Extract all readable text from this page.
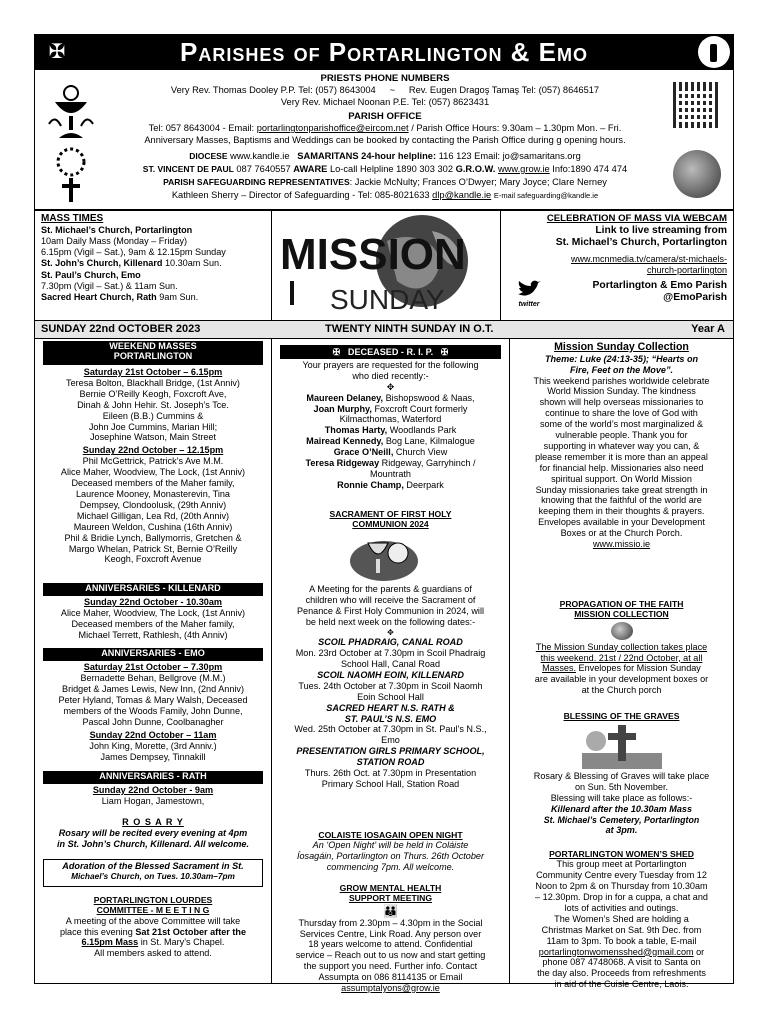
✠	Parishes of Portarlington & Emo
PRIESTS PHONE NUMBERS
Very Rev. Thomas Dooley P.P. Tel: (057) 8643004 ~ Rev. Eugen Dragoş Tamaş Tel: (057) 8646517
Very Rev. Michael Noonan P.E. Tel: (057) 8623431
PARISH OFFICE
Tel: 057 8643004 - Email: portarlingtonparishoffice@eircom.net / Parish Office Hours: 9.30am – 1.30pm Mon. – Fri.
Anniversary Masses, Baptisms and Weddings can be booked by contacting the Parish Office during g opening hours.
DIOCESE www.kandle.ie SAMARITANS 24-hour helpline: 116 123 Email: jo@samaritans.org
ST. VINCENT DE PAUL 087 7640557 AWARE Lo-call Helpline 1890 303 302 G.R.O.W. www.grow.ie Info:1890 474 474
PARISH SAFEGUARDING REPRESENTATIVES: Jackie McNulty; Frances O’Dwyer; Mary Joyce; Clare Nerney
Kathleen Sherry – Director of Safeguarding - Tel: 085-8021633 dlp@kandle.ie E-mail safeguarding@kandle.ie
MASS TIMES
St. Michael’s Church, Portarlington
10am Daily Mass (Monday – Friday)
6.15pm (Vigil – Sat.), 9am & 12.15pm Sunday
St. John’s Church, Killenard 10.30am Sun.
St. Paul’s Church, Emo
7.30pm (Vigil – Sat.) & 11am Sun.
Sacred Heart Church, Rath 9am Sun.
MISSION
SUNDAY
CELEBRATION OF MASS VIA WEBCAM
Link to live streaming from
St. Michael’s Church, Portarlington
www.mcnmedia.tv/camera/st-michaels-
church-portarlington
twitter
Portarlington & Emo Parish
@EmoParish
SUNDAY 22nd OCTOBER 2023	TWENTY NINTH SUNDAY IN O.T.	Year A
WEEKEND MASSES
PORTARLINGTON
Saturday 21st October – 6.15pm
Teresa Bolton, Blackhall Bridge, (1st Anniv)
Bernie O’Reilly Keogh, Foxcroft Ave,
Dinah & John Hehir. St. Joseph’s Tce.
Eileen (B.B.) Cummins &
John Joe Cummins, Marian Hill;
Josephine Watson, Main Street
Sunday 22nd October – 12.15pm
Phil McGettrick, Patrick’s Ave M.M.
Alice Maher, Woodview, The Lock, (1st Anniv)
Deceased members of the Maher family,
Laurence Mooney, Monasterevin, Tina
Dempsey, Clondoolusk, (29th Anniv)
Michael Gilligan, Lea Rd, (20th Anniv)
Maureen Weldon, Cushina (16th Anniv)
Phil & Bridie Lynch, Ballymorris, Gretchen &
Margo Whelan, Patrick St, Bernie O’Reilly
Keogh, Foxcroft Avenue
ANNIVERSARIES - KILLENARD
Sunday 22nd October - 10.30am
Alice Maher, Woodview, The Lock, (1st Anniv)
Deceased members of the Maher family,
Michael Terrett, Rathlesh, (4th Anniv)
ANNIVERSARIES - EMO
Saturday 21st October – 7.30pm
Bernadette Behan, Bellgrove (M.M.)
Bridget & James Lewis, New Inn, (2nd Anniv)
Peter Hyland, Tomas & Mary Walsh, Deceased
members of the Woods Family, John Dunne,
Pascal John Dunne, Coolbanagher
Sunday 22nd October – 11am
John King, Morette, (3rd Anniv.)
James Dempsey, Tinnakill
ANNIVERSARIES - RATH
Sunday 22nd October - 9am
Liam Hogan, Jamestown,
R O S A R Y
Rosary will be recited every evening at 4pm
in St. John’s Church, Killenard. All welcome.
Adoration of the Blessed Sacrament in St.
Michael’s Church, on Tues. 10.30am–7pm
PORTARLINGTON LOURDES
COMMITTEE - M E E T I N G
A meeting of the above Committee will take
place this evening Sat 21st October after the
6.15pm Mass in St. Mary’s Chapel.
All members asked to attend.
✠ DECEASED - R. I. P. ✠
Your prayers are requested for the following
who died recently:-
✥
Maureen Delaney, Bishopswood & Naas,
Joan Murphy, Foxcroft Court formerly
Kilmacthomas, Waterford
Thomas Harty, Woodlands Park
Mairead Kennedy, Bog Lane, Kilmalogue
Grace O’Neill, Church View
Teresa Ridgeway Ridgeway, Garryhinch /
Mountrath
Ronnie Champ, Deerpark
SACRAMENT OF FIRST HOLY
COMMUNION 2024
A Meeting for the parents & guardians of
children who will receive the Sacrament of
Penance & First Holy Communion in 2024, will
be held next week on the following dates:-
✥
SCOIL PHADRAIG, CANAL ROAD
Mon. 23rd October at 7.30pm in Scoil Phadraig
School Hall, Canal Road
SCOIL NAOMH EOIN, KILLENARD
Tues. 24th October at 7.30pm in Scoil Naomh
Eoin School Hall
SACRED HEART N.S. RATH &
ST. PAUL’S N.S. EMO
Wed. 25th October at 7.30pm in St. Paul’s N.S.,
Emo
PRESENTATION GIRLS PRIMARY SCHOOL,
STATION ROAD
Thurs. 26th Oct. at 7.30pm in Presentation
Primary School Hall, Station Road
COLAISTE IOSAGAIN OPEN NIGHT
An ‘Open Night’ will be held in Coláiste
Íosagáin, Portarlington on Thurs. 26th October
commencing 7pm. All welcome.
GROW MENTAL HEALTH
SUPPORT MEETING
👪
Thursday from 2.30pm – 4.30pm in the Social
Services Centre, Link Road. Any person over
18 years welcome to attend. Confidential
service – Reach out to us now and start getting
the support you need. Further info. Contact
Assumpta on 086 8114135 or Email
assumptalyons@grow.ie
Mission Sunday Collection
Theme: Luke (24:13-35); “Hearts on
Fire, Feet on the Move”.
This weekend parishes worldwide celebrate
World Mission Sunday. The kindness
shown will help overseas missionaries to
continue to share the love of God with
some of the world’s most marginalized &
vulnerable people. Thank you for
supporting in whatever way you can, &
please remember it is more than an appeal
for financial help. Missionaries also need
spiritual support. On World Mission
Sunday missionaries take great strength in
knowing that the faithful of the world are
keeping them in their thoughts & prayers.
Envelopes available in your Development
Boxes or at the Church Porch.
www.missio.ie
PROPAGATION OF THE FAITH
MISSION COLLECTION
The Mission Sunday collection takes place
this weekend. 21st / 22nd October, at all
Masses. Envelopes for Mission Sunday
are available in your development boxes or
at the Church porch
BLESSING OF THE GRAVES
Rosary & Blessing of Graves will take place
on Sun. 5th November.
Blessing will take place as follows:-
Killenard after the 10.30am Mass
St. Michael’s Cemetery, Portarlington
at 3pm.
PORTARLINGTON WOMEN’S SHED
This group meet at Portarlington
Community Centre every Tuesday from 12
Noon to 2pm & on Thursday from 10.30am
– 12.30pm. Drop in for a cuppa, a chat and
lots of activities and outings.
The Women’s Shed are holding a
Christmas Market on Sat. 9th Dec. from
11am to 3pm. To book a table, E-mail
portarlingtonwomensshed@gmail.com or
phone 087 4748068. A visit to Santa on
the day also. Proceeds from refreshments
in aid of the Cuisle Centre, Laois.
